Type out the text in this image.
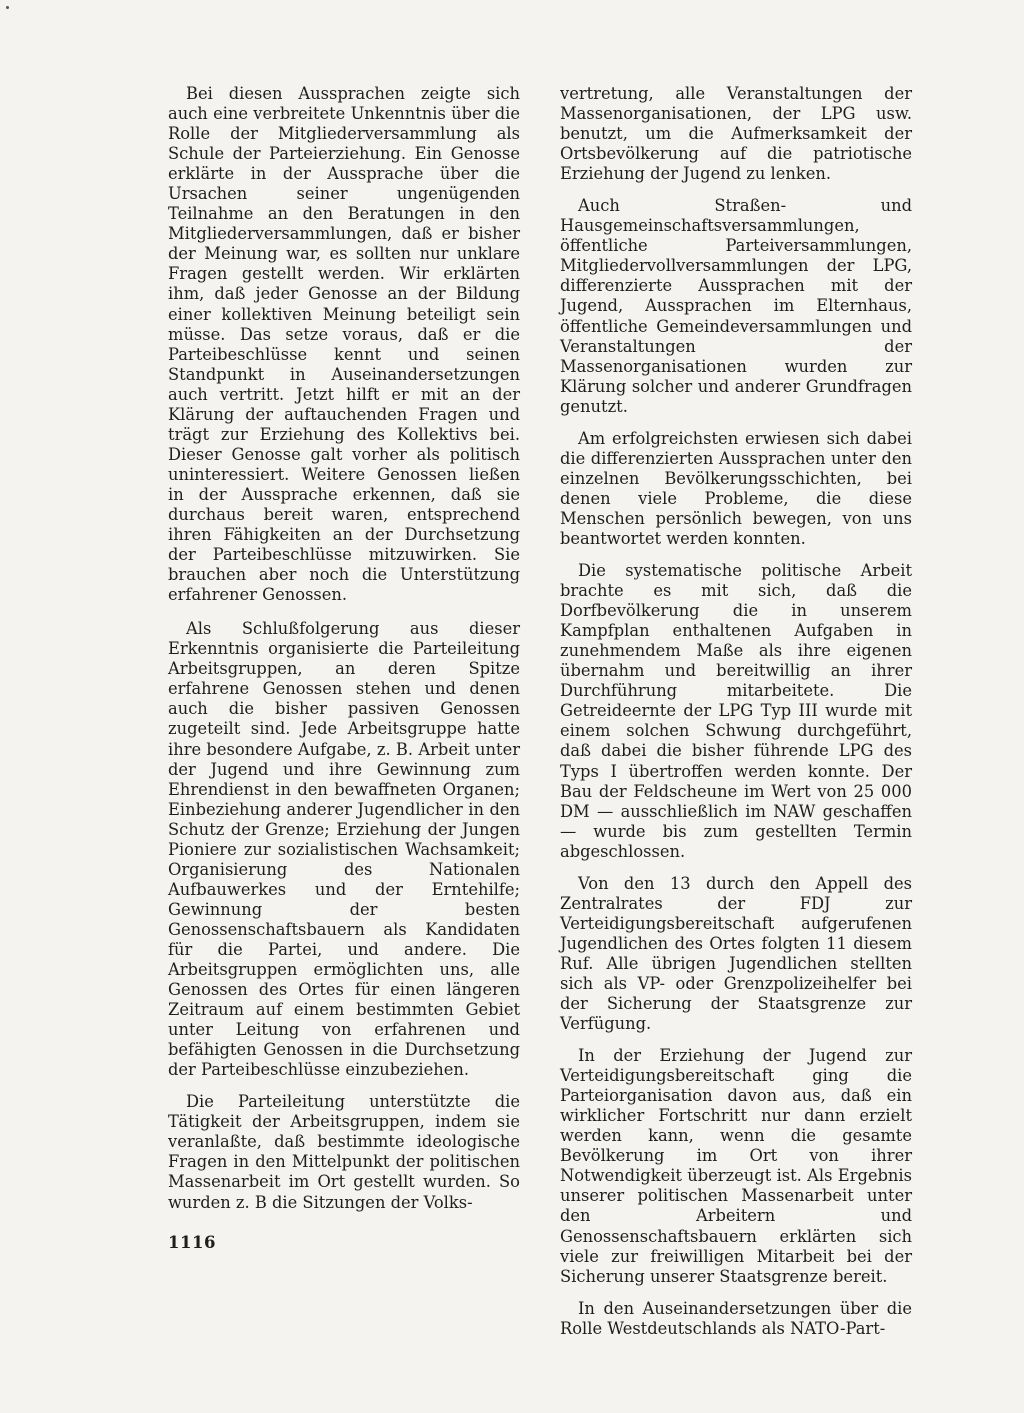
Bei diesen Aussprachen zeigte sich auch eine verbreitete Unkenntnis über die Rolle der Mitgliederversammlung als Schule der Parteierziehung. Ein Genosse erklärte in der Aussprache über die Ursachen seiner ungenügenden Teilnahme an den Beratungen in den Mitgliederversammlungen, daß er bisher der Meinung war, es sollten nur unklare Fragen gestellt werden. Wir erklärten ihm, daß jeder Genosse an der Bildung einer kollektiven Meinung beteiligt sein müsse. Das setze voraus, daß er die Parteibeschlüsse kennt und seinen Standpunkt in Auseinandersetzungen auch vertritt. Jetzt hilft er mit an der Klärung der auftauchenden Fragen und trägt zur Erziehung des Kollektivs bei. Dieser Genosse galt vorher als politisch uninteressiert. Weitere Genossen ließen in der Aussprache erkennen, daß sie durchaus bereit waren, entsprechend ihren Fähigkeiten an der Durchsetzung der Parteibeschlüsse mitzuwirken. Sie brauchen aber noch die Unterstützung erfahrener Genossen.

Als Schlußfolgerung aus dieser Erkenntnis organisierte die Parteileitung Arbeitsgruppen, an deren Spitze erfahrene Genossen stehen und denen auch die bisher passiven Genossen zugeteilt sind. Jede Arbeitsgruppe hatte ihre besondere Aufgabe, z. B. Arbeit unter der Jugend und ihre Gewinnung zum Ehrendienst in den bewaffneten Organen; Einbeziehung anderer Jugendlicher in den Schutz der Grenze; Erziehung der Jungen Pioniere zur sozialistischen Wachsamkeit; Organisierung des Nationalen Aufbauwerkes und der Erntehilfe; Gewinnung der besten Genossenschaftsbauern als Kandidaten für die Partei, und andere. Die Arbeitsgruppen ermöglichten uns, alle Genossen des Ortes für einen längeren Zeitraum auf einem bestimmten Gebiet unter Leitung von erfahrenen und befähigten Genossen in die Durchsetzung der Parteibeschlüsse einzubeziehen.

Die Parteileitung unterstützte die Tätigkeit der Arbeitsgruppen, indem sie veranlaßte, daß bestimmte ideologische Fragen in den Mittelpunkt der politischen Massenarbeit im Ort gestellt wurden. So wurden z. B die Sitzungen der Volks-

vertretung, alle Veranstaltungen der Massenorganisationen, der LPG usw. benutzt, um die Aufmerksamkeit der Ortsbevölkerung auf die patriotische Erziehung der Jugend zu lenken.

Auch Straßen- und Hausgemeinschaftsversammlungen, öffentliche Parteiversammlungen, Mitgliedervollversammlungen der LPG, differenzierte Aussprachen mit der Jugend, Aussprachen im Elternhaus, öffentliche Gemeindeversammlungen und Veranstaltungen der Massenorganisationen wurden zur Klärung solcher und anderer Grundfragen genutzt.

Am erfolgreichsten erwiesen sich dabei die differenzierten Aussprachen unter den einzelnen Bevölkerungsschichten, bei denen viele Probleme, die diese Menschen persönlich bewegen, von uns beantwortet werden konnten.

Die systematische politische Arbeit brachte es mit sich, daß die Dorfbevölkerung die in unserem Kampfplan enthaltenen Aufgaben in zunehmendem Maße als ihre eigenen übernahm und bereitwillig an ihrer Durchführung mitarbeitete. Die Getreideernte der LPG Typ III wurde mit einem solchen Schwung durchgeführt, daß dabei die bisher führende LPG des Typs I übertroffen werden konnte. Der Bau der Feldscheune im Wert von 25 000 DM — ausschließlich im NAW geschaffen — wurde bis zum gestellten Termin abgeschlossen.

Von den 13 durch den Appell des Zentralrates der FDJ zur Verteidigungsbereitschaft aufgerufenen Jugendlichen des Ortes folgten 11 diesem Ruf. Alle übrigen Jugendlichen stellten sich als VP- oder Grenzpolizeihelfer bei der Sicherung der Staatsgrenze zur Verfügung.

In der Erziehung der Jugend zur Verteidigungsbereitschaft ging die Parteiorganisation davon aus, daß ein wirklicher Fortschritt nur dann erzielt werden kann, wenn die gesamte Bevölkerung im Ort von ihrer Notwendigkeit überzeugt ist. Als Ergebnis unserer politischen Massenarbeit unter den Arbeitern und Genossenschaftsbauern erklärten sich viele zur freiwilligen Mitarbeit bei der Sicherung unserer Staatsgrenze bereit.

In den Auseinandersetzungen über die Rolle Westdeutschlands als NATO-Part-

1116
